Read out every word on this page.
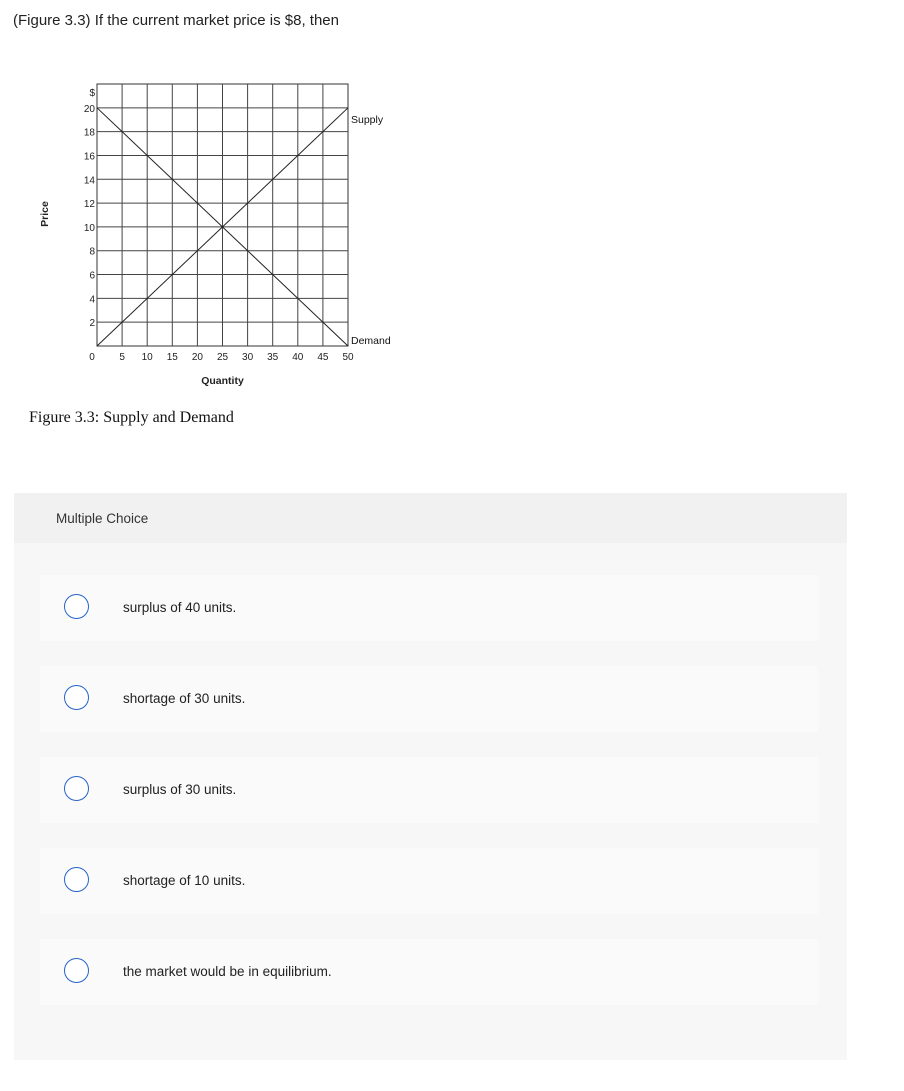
(Figure 3.3) If the current market price is $8, then
Supply
Demand
0 5 10 15 20 25 30 35 40 45 50
2
4
6
8
10
12
14
16
18
20
$
Quantity
Price
Figure 3.3: Supply and Demand
Multiple Choice
surplus of 40 units.
shortage of 30 units.
surplus of 30 units.
shortage of 10 units.
the market would be in equilibrium.
